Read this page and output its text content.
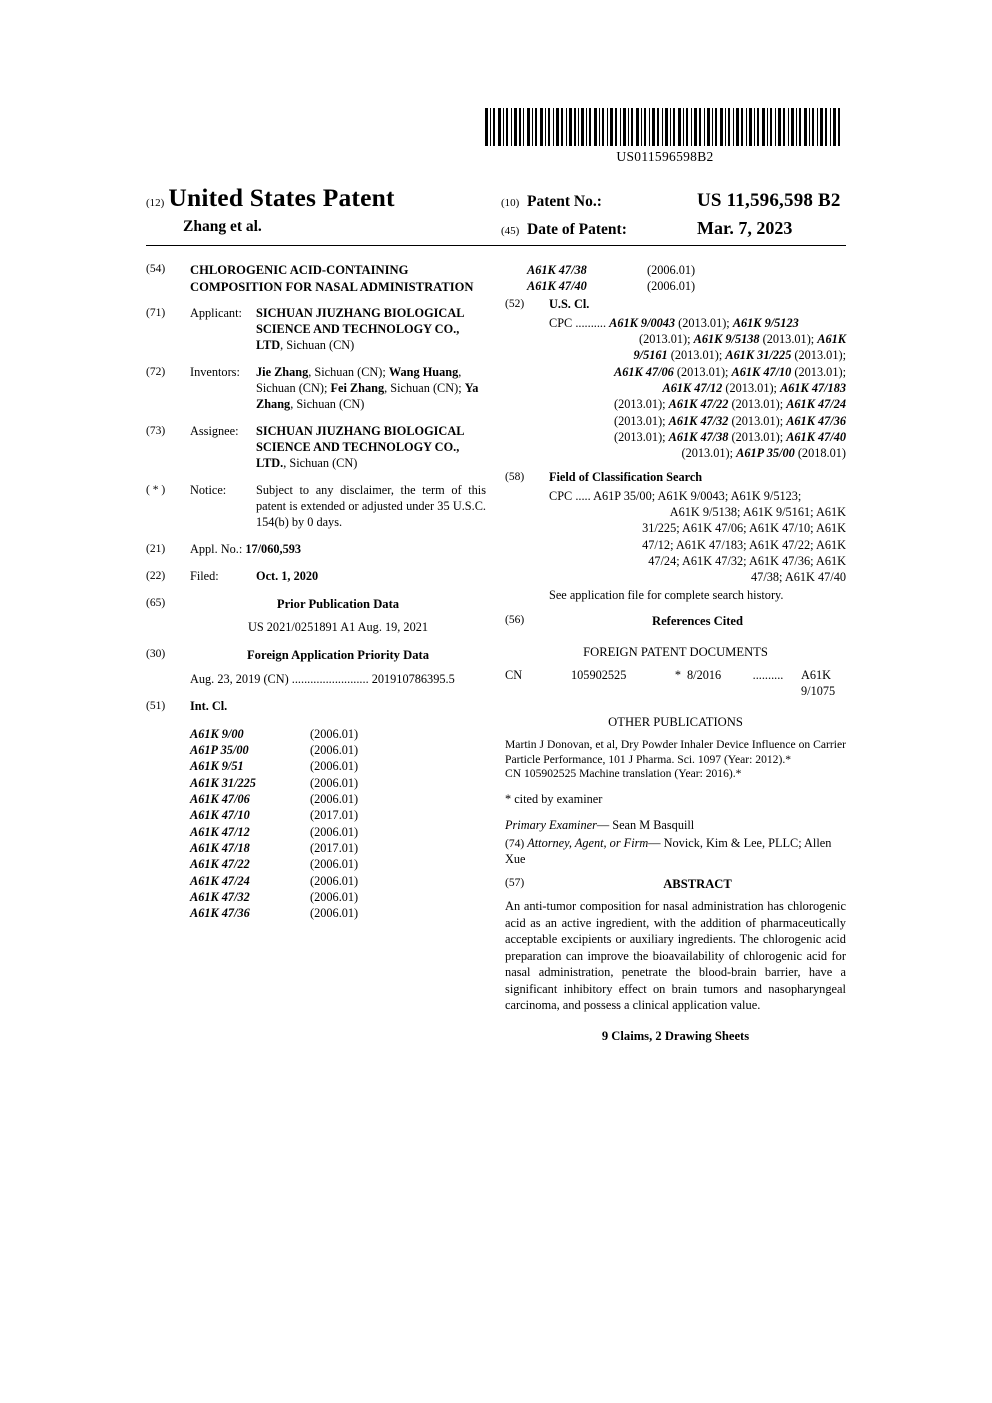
US011596598B2
(12) United States Patent
Zhang et al.
(10) Patent No.:	US 11,596,598 B2
(45) Date of Patent:	Mar. 7, 2023
(54)	CHLOROGENIC ACID-CONTAINING COMPOSITION FOR NASAL ADMINISTRATION
(71)	Applicant:	SICHUAN JIUZHANG BIOLOGICAL SCIENCE AND TECHNOLOGY CO., LTD, Sichuan (CN)
(72)	Inventors:	Jie Zhang, Sichuan (CN); Wang Huang, Sichuan (CN); Fei Zhang, Sichuan (CN); Ya Zhang, Sichuan (CN)
(73)	Assignee:	SICHUAN JIUZHANG BIOLOGICAL SCIENCE AND TECHNOLOGY CO., LTD., Sichuan (CN)
( * )	Notice:	Subject to any disclaimer, the term of this patent is extended or adjusted under 35 U.S.C. 154(b) by 0 days.
(21)	Appl. No.: 17/060,593
(22)	Filed:	Oct. 1, 2020
(65)	Prior Publication Data
US 2021/0251891 A1 Aug. 19, 2021
(30)	Foreign Application Priority Data
Aug. 23, 2019 (CN) ......................... 201910786395.5
(51)	Int. Cl.
A61K 9/00	(2006.01)
A61P 35/00	(2006.01)
A61K 9/51	(2006.01)
A61K 31/225	(2006.01)
A61K 47/06	(2006.01)
A61K 47/10	(2017.01)
A61K 47/12	(2006.01)
A61K 47/18	(2017.01)
A61K 47/22	(2006.01)
A61K 47/24	(2006.01)
A61K 47/32	(2006.01)
A61K 47/36	(2006.01)
A61K 47/38	(2006.01)
A61K 47/40	(2006.01)
(52)	U.S. Cl.
CPC .......... A61K 9/0043 (2013.01); A61K 9/5123
(2013.01); A61K 9/5138 (2013.01); A61K
9/5161 (2013.01); A61K 31/225 (2013.01);
A61K 47/06 (2013.01); A61K 47/10 (2013.01);
A61K 47/12 (2013.01); A61K 47/183
(2013.01); A61K 47/22 (2013.01); A61K 47/24
(2013.01); A61K 47/32 (2013.01); A61K 47/36
(2013.01); A61K 47/38 (2013.01); A61K 47/40
(2013.01); A61P 35/00 (2018.01)
(58)	Field of Classification Search
CPC ..... A61P 35/00; A61K 9/0043; A61K 9/5123;
A61K 9/5138; A61K 9/5161; A61K
31/225; A61K 47/06; A61K 47/10; A61K
47/12; A61K 47/183; A61K 47/22; A61K
47/24; A61K 47/32; A61K 47/36; A61K
47/38; A61K 47/40
See application file for complete search history.
(56)	References Cited
FOREIGN PATENT DOCUMENTS
CN	105902525	* 8/2016	..........	A61K 9/1075
OTHER PUBLICATIONS
Martin J Donovan, et al, Dry Powder Inhaler Device Influence on Carrier Particle Performance, 101 J Pharma. Sci. 1097 (Year: 2012).*
CN 105902525 Machine translation (Year: 2016).*
* cited by examiner
Primary Examiner— Sean M Basquill
(74) Attorney, Agent, or Firm— Novick, Kim & Lee, PLLC; Allen Xue
(57)	ABSTRACT
An anti-tumor composition for nasal administration has chlorogenic acid as an active ingredient, with the addition of pharmaceutically acceptable excipients or auxiliary ingredients. The chlorogenic acid preparation can improve the bioavailability of chlorogenic acid for nasal administration, penetrate the blood-brain barrier, have a significant inhibitory effect on brain tumors and nasopharyngeal carcinoma, and possess a clinical application value.
9 Claims, 2 Drawing Sheets
